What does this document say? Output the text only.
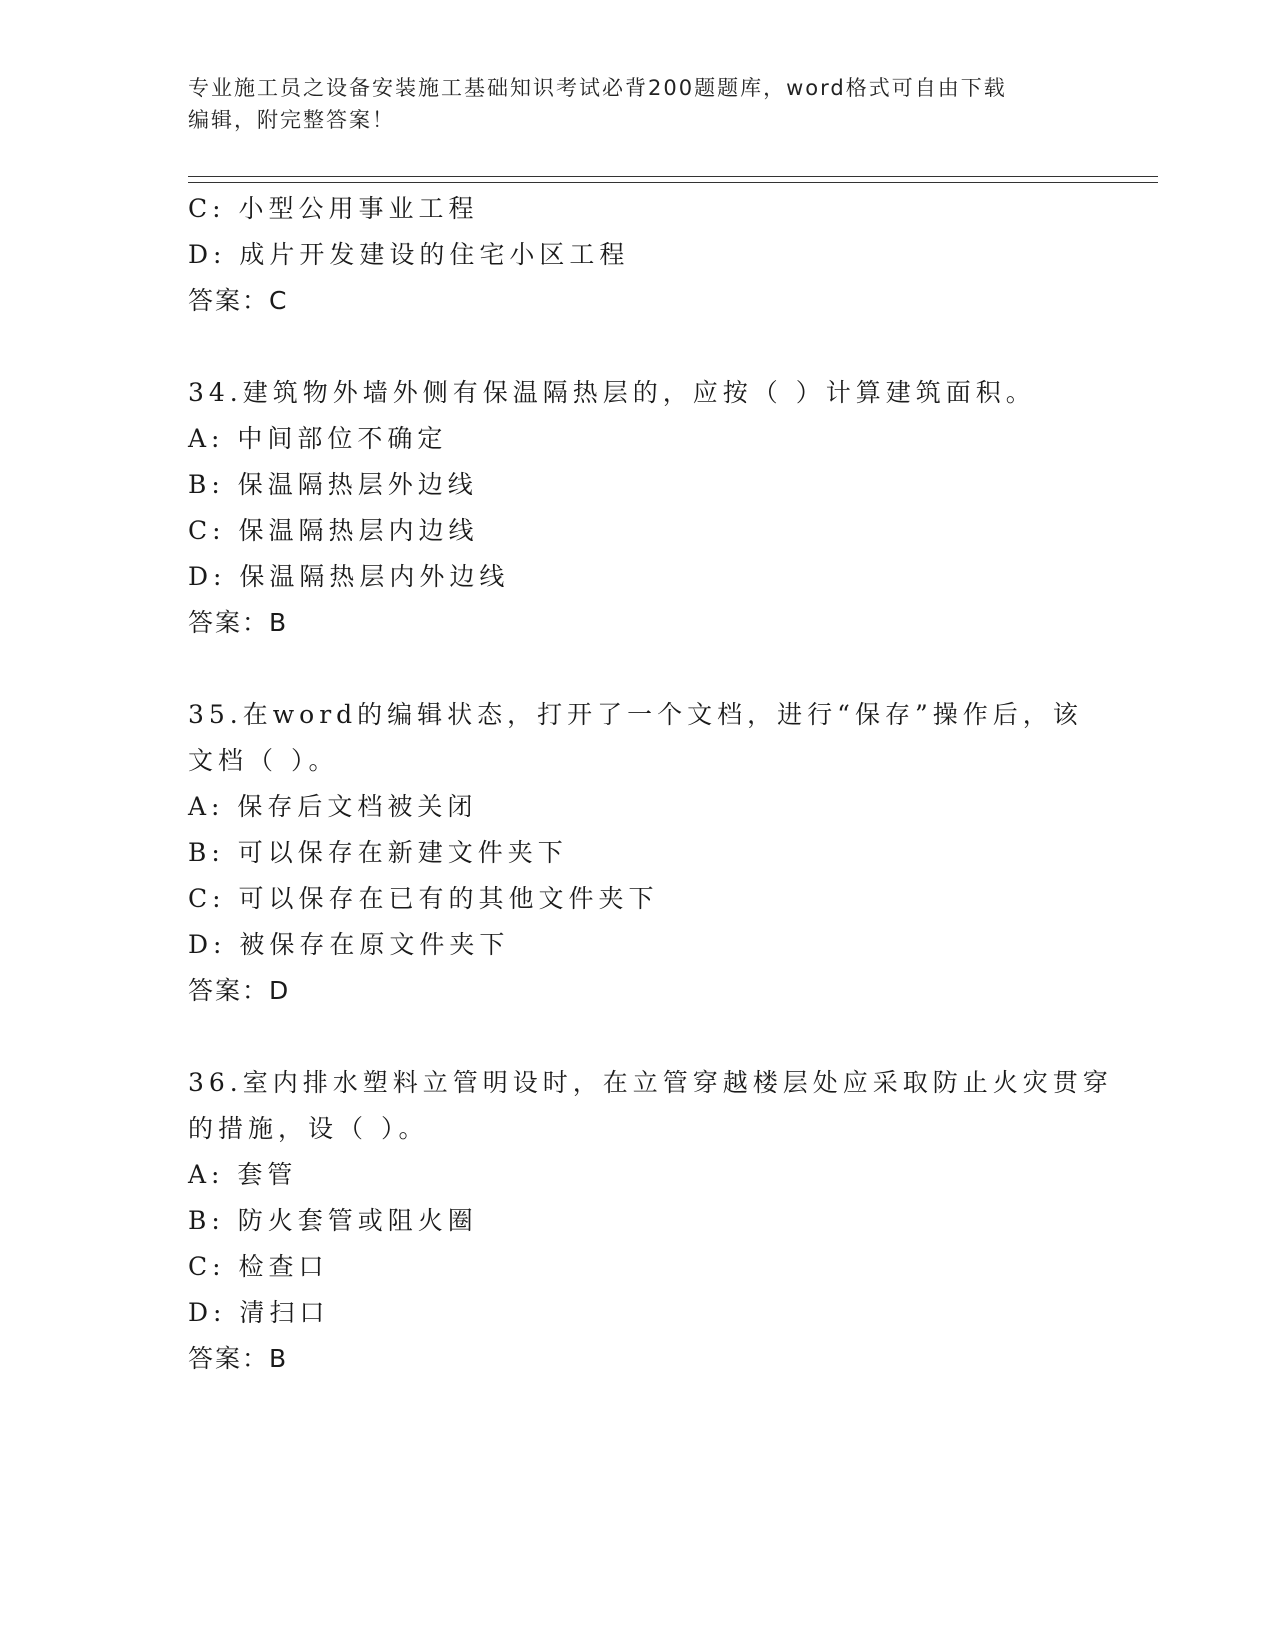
专业施工员之设备安装施工基础知识考试必背200题题库，word格式可自由下载
编辑，附完整答案！
C: 小型公用事业工程
D: 成片开发建设的住宅小区工程
答案：C
34.建筑物外墙外侧有保温隔热层的，应按（ ）计算建筑面积。
A: 中间部位不确定
B: 保温隔热层外边线
C: 保温隔热层内边线
D: 保温隔热层内外边线
答案：B
35.在word的编辑状态，打开了一个文档，进行“保存”操作后，该
文档（ ）。
A: 保存后文档被关闭
B: 可以保存在新建文件夹下
C: 可以保存在已有的其他文件夹下
D: 被保存在原文件夹下
答案：D
36.室内排水塑料立管明设时，在立管穿越楼层处应采取防止火灾贯穿
的措施，设（ ）。
A: 套管
B: 防火套管或阻火圈
C: 检查口
D: 清扫口
答案：B
